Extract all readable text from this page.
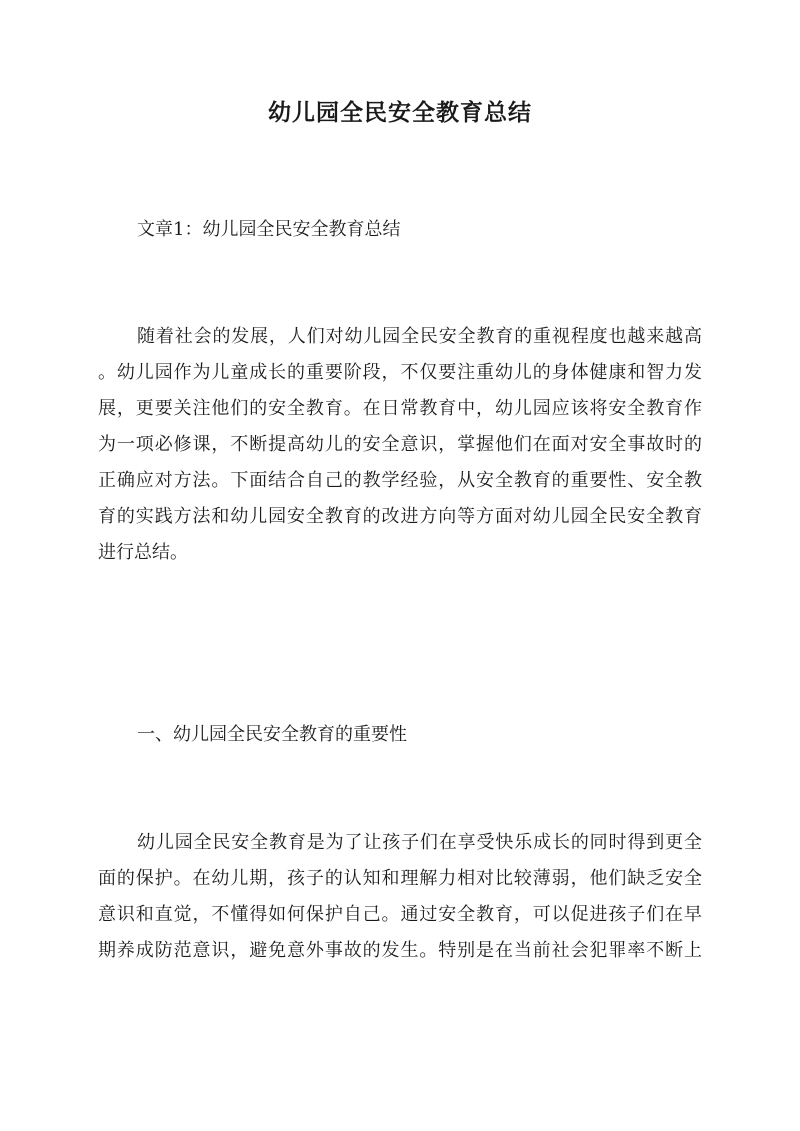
幼儿园全民安全教育总结

文章1：幼儿园全民安全教育总结

随着社会的发展，人们对幼儿园全民安全教育的重视程度也越来越高
。幼儿园作为儿童成长的重要阶段，不仅要注重幼儿的身体健康和智力发
展，更要关注他们的安全教育。在日常教育中，幼儿园应该将安全教育作
为一项必修课，不断提高幼儿的安全意识，掌握他们在面对安全事故时的
正确应对方法。下面结合自己的教学经验，从安全教育的重要性、安全教
育的实践方法和幼儿园安全教育的改进方向等方面对幼儿园全民安全教育
进行总结。

一、幼儿园全民安全教育的重要性

幼儿园全民安全教育是为了让孩子们在享受快乐成长的同时得到更全
面的保护。在幼儿期，孩子的认知和理解力相对比较薄弱，他们缺乏安全
意识和直觉，不懂得如何保护自己。通过安全教育，可以促进孩子们在早
期养成防范意识，避免意外事故的发生。特别是在当前社会犯罪率不断上
